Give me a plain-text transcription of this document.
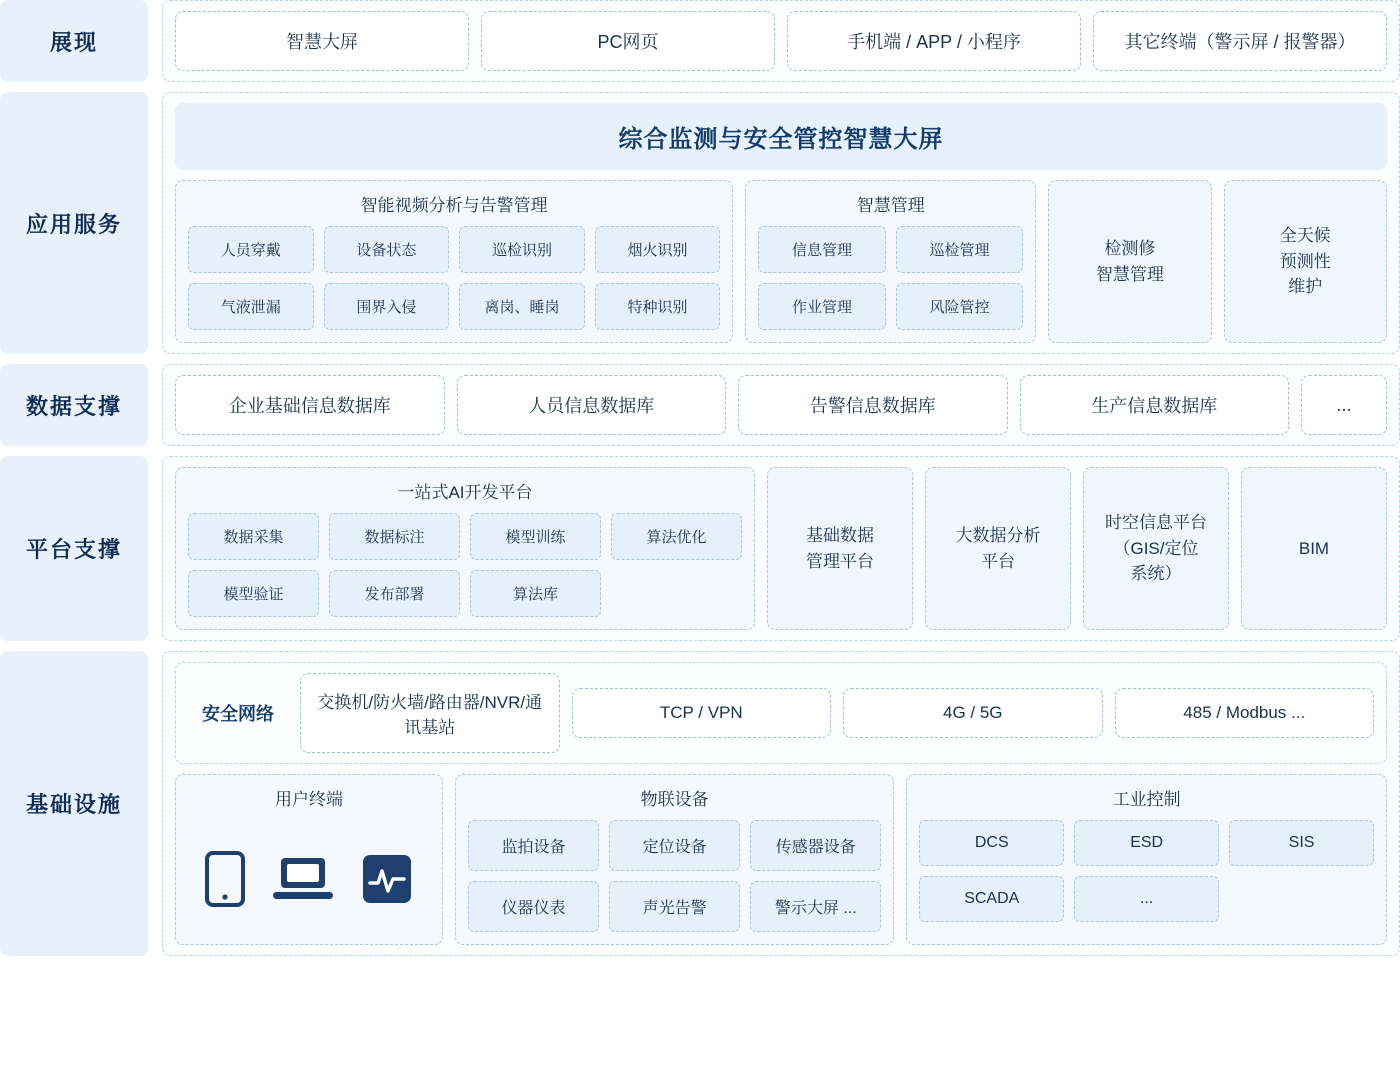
展现	智慧大屏	PC网页	手机端 / APP / 小程序	其它终端（警示屏 / 报警器）
应用服务
综合监测与安全管控智慧大屏
智能视频分析与告警管理
人员穿戴	设备状态	巡检识别	烟火识别
气液泄漏	围界入侵	离岗、睡岗	特种识别
智慧管理
信息管理	巡检管理
作业管理	风险管控
检测修
智慧管理
全天候
预测性
维护
数据支撑	企业基础信息数据库	人员信息数据库	告警信息数据库	生产信息数据库	...
平台支撑
一站式AI开发平台
数据采集	数据标注	模型训练	算法优化
模型验证	发布部署	算法库
基础数据
管理平台
大数据分析
平台
时空信息平台
（GIS/定位
系统）
BIM
基础设施
安全网络
交换机/防火墙/路由器/NVR/通讯基站
TCP / VPN	4G / 5G	485 / Modbus ...
用户终端	物联设备
监拍设备	定位设备	传感器设备
仪器仪表	声光告警	警示大屏 ...
工业控制
DCS	ESD	SIS
SCADA	...
